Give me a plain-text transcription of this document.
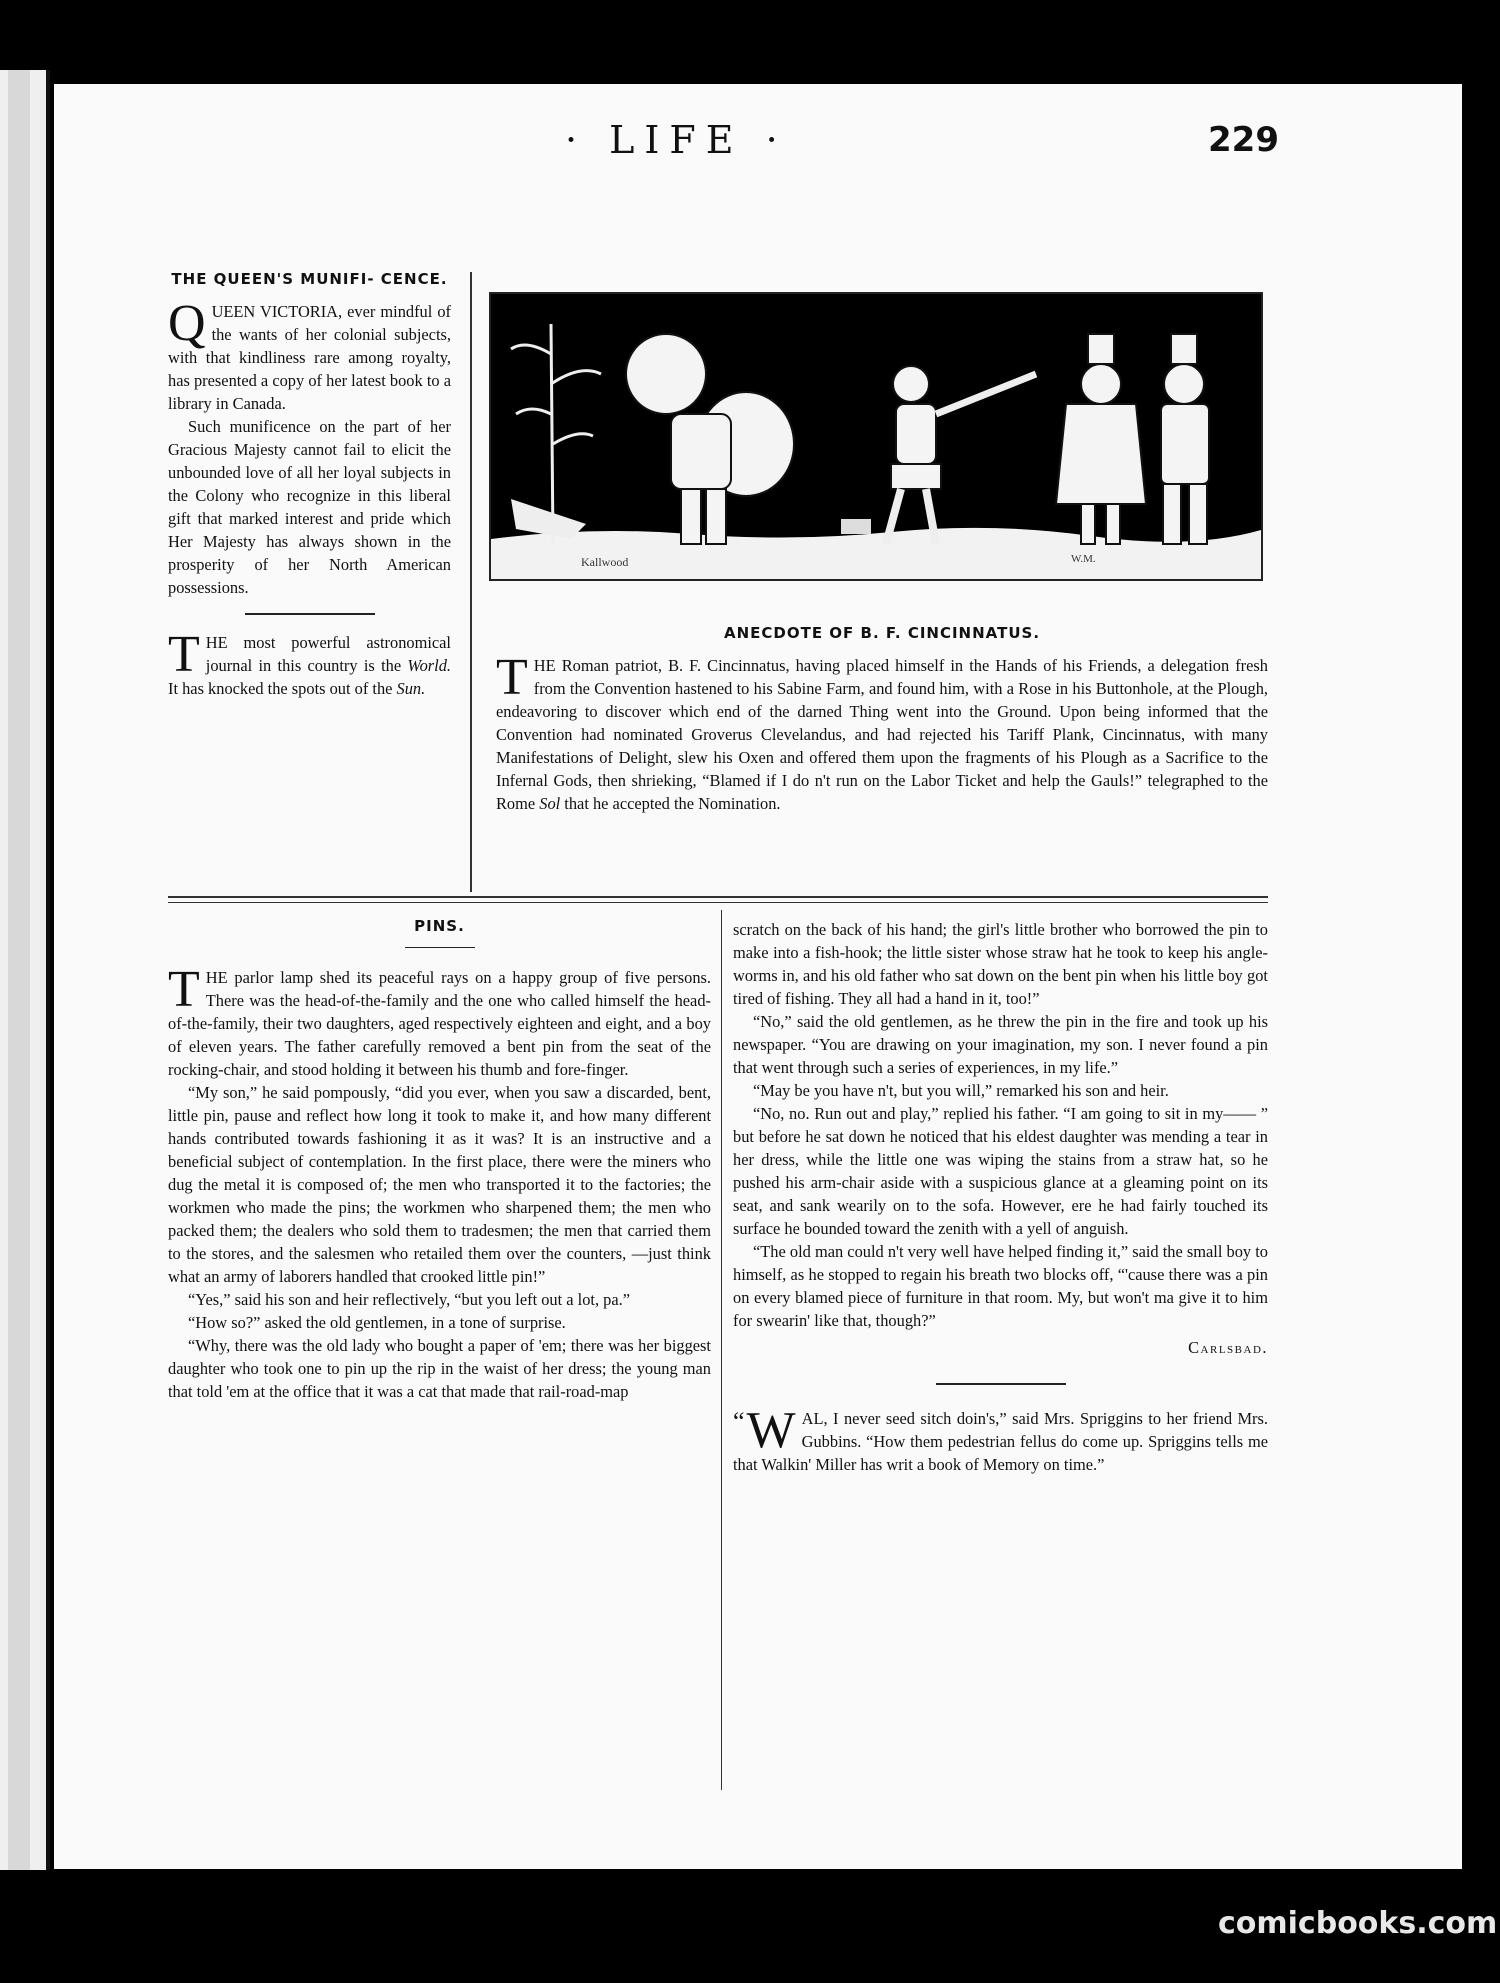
· LIFE ·	229
THE QUEEN'S MUNIFI- CENCE.

QUEEN VICTORIA, ever mindful of the wants of her colonial subjects, with that kindliness rare among royalty, has presented a copy of her latest book to a library in Canada.

Such munificence on the part of her Gracious Majesty cannot fail to elicit the unbounded love of all her loyal subjects in the Colony who recognize in this liberal gift that marked interest and pride which Her Majesty has always shown in the prosperity of her North American possessions.

THE most powerful astronomical journal in this country is the World. It has knocked the spots out of the Sun.

Kallwood	W.M.
ANECDOTE OF B. F. CINCINNATUS.

THE Roman patriot, B. F. Cincinnatus, having placed himself in the Hands of his Friends, a delegation fresh from the Convention hastened to his Sabine Farm, and found him, with a Rose in his Buttonhole, at the Plough, endeavoring to discover which end of the darned Thing went into the Ground. Upon being informed that the Convention had nominated Groverus Clevelandus, and had rejected his Tariff Plank, Cincinnatus, with many Manifestations of Delight, slew his Oxen and offered them upon the fragments of his Plough as a Sacrifice to the Infernal Gods, then shrieking, “Blamed if I do n't run on the Labor Ticket and help the Gauls!” telegraphed to the Rome Sol that he accepted the Nomination.

PINS.

THE parlor lamp shed its peaceful rays on a happy group of five persons. There was the head-of-the-family and the one who called himself the head-of-the-family, their two daughters, aged respectively eighteen and eight, and a boy of eleven years. The father carefully removed a bent pin from the seat of the rocking-chair, and stood holding it between his thumb and fore-finger.

“My son,” he said pompously, “did you ever, when you saw a discarded, bent, little pin, pause and reflect how long it took to make it, and how many different hands contributed towards fashioning it as it was? It is an instructive and a beneficial subject of contemplation. In the first place, there were the miners who dug the metal it is composed of; the men who transported it to the factories; the workmen who made the pins; the workmen who sharpened them; the men who packed them; the dealers who sold them to tradesmen; the men that carried them to the stores, and the salesmen who retailed them over the counters, —just think what an army of laborers handled that crooked little pin!”

“Yes,” said his son and heir reflectively, “but you left out a lot, pa.”

“How so?” asked the old gentlemen, in a tone of surprise.

“Why, there was the old lady who bought a paper of 'em; there was her biggest daughter who took one to pin up the rip in the waist of her dress; the young man that told 'em at the office that it was a cat that made that rail-road-map

scratch on the back of his hand; the girl's little brother who borrowed the pin to make into a fish-hook; the little sister whose straw hat he took to keep his angle-worms in, and his old father who sat down on the bent pin when his little boy got tired of fishing. They all had a hand in it, too!”

“No,” said the old gentlemen, as he threw the pin in the fire and took up his newspaper. “You are drawing on your imagination, my son. I never found a pin that went through such a series of experiences, in my life.”

“May be you have n't, but you will,” remarked his son and heir.

“No, no. Run out and play,” replied his father. “I am going to sit in my—— ” but before he sat down he noticed that his eldest daughter was mending a tear in her dress, while the little one was wiping the stains from a straw hat, so he pushed his arm-chair aside with a suspicious glance at a gleaming point on its seat, and sank wearily on to the sofa. However, ere he had fairly touched its surface he bounded toward the zenith with a yell of anguish.

“The old man could n't very well have helped finding it,” said the small boy to himself, as he stopped to regain his breath two blocks off, “'cause there was a pin on every blamed piece of furniture in that room. My, but won't ma give it to him for swearin' like that, though?”

Carlsbad.

“ W AL, I never seed sitch doin's,” said Mrs. Spriggins to her friend Mrs. Gubbins. “How them pedestrian fellus do come up. Spriggins tells me that Walkin' Miller has writ a book of Memory on time.”

comicbooks.com
